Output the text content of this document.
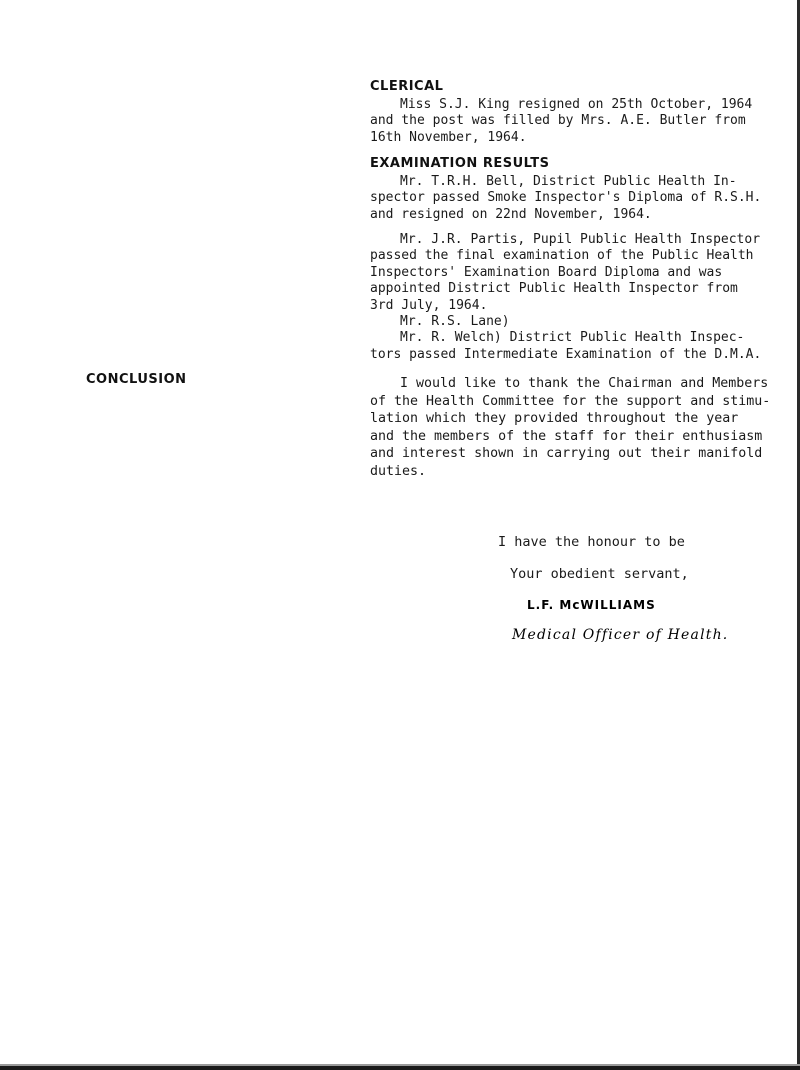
CLERICAL
Miss S.J. King resigned on 25th October, 1964
and the post was filled by Mrs. A.E. Butler from
16th November, 1964.
EXAMINATION RESULTS
Mr. T.R.H. Bell, District Public Health In-
spector passed Smoke Inspector's Diploma of R.S.H.
and resigned on 22nd November, 1964.
Mr. J.R. Partis, Pupil Public Health Inspector
passed the final examination of the Public Health
Inspectors' Examination Board Diploma and was
appointed District Public Health Inspector from
3rd July, 1964.
Mr. R.S. Lane)
Mr. R. Welch) District Public Health Inspec-
tors passed Intermediate Examination of the D.M.A.
CONCLUSION	I would like to thank the Chairman and Members
of the Health Committee for the support and stimu-
lation which they provided throughout the year
and the members of the staff for their enthusiasm
and interest shown in carrying out their manifold
duties.
I have the honour to be
Your obedient servant,
L.F. McWILLIAMS
Medical Officer of Health.
